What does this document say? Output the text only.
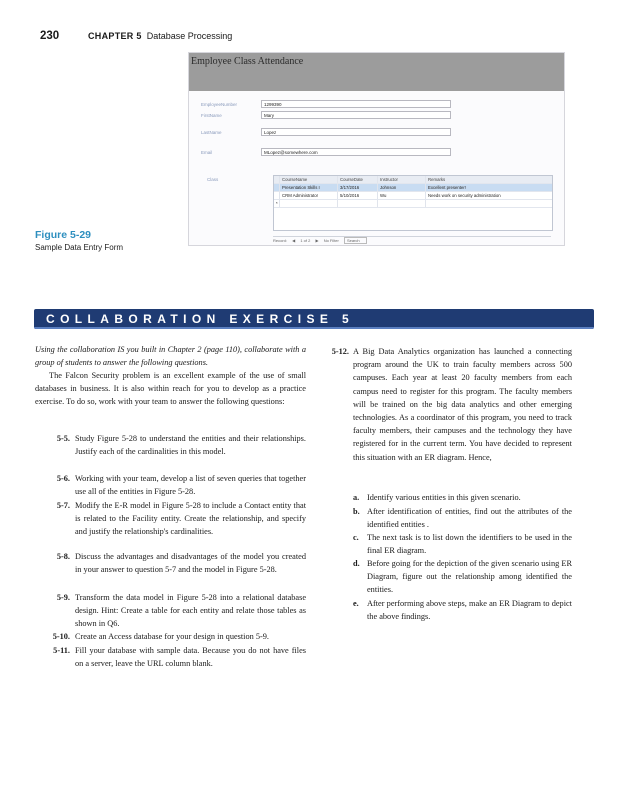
230	CHAPTER 5 Database Processing
Employee Class Attendance
EmployeeNumber	1299390
FirstName	Mary
LastName	Lopez
Email	MLopez@somewhere.com
Class	CourseName	CourseDate	Instructor	Remarks
Presentation Skills I	3/17/2016	Johnson	Excellent presenter!
CRM Administrator	5/10/2016	Wu	Needs work on security administration
*
Record: ◀ 1 of 2 ▶ No Filter Search
Figure 5-29
Sample Data Entry Form
COLLABORATION EXERCISE 5
Using the collaboration IS you built in Chapter 2 (page 110), collaborate with a group of students to answer the following questions.
The Falcon Security problem is an excellent example of the use of small databases in business. It is also within reach for you to develop as a practice exercise. To do so, work with your team to answer the following questions:
5-5. Study Figure 5-28 to understand the entities and their relationships. Justify each of the cardinalities in this model.
5-6. Working with your team, develop a list of seven queries that together use all of the entities in Figure 5-28.
5-7. Modify the E-R model in Figure 5-28 to include a Contact entity that is related to the Facility entity. Create the relationship, and specify and justify the relationship's cardinalities.
5-8. Discuss the advantages and disadvantages of the model you created in your answer to question 5-7 and the model in Figure 5-28.
5-9. Transform the data model in Figure 5-28 into a relational database design. Hint: Create a table for each entity and relate those tables as shown in Q6.
5-10. Create an Access database for your design in question 5-9.
5-11. Fill your database with sample data. Because you do not have files on a server, leave the URL column blank.
5-12. A Big Data Analytics organization has launched a connecting program around the UK to train faculty members across 500 campuses. Each year at least 20 faculty members from each campus need to register for this program. The faculty members will be trained on the big data analytics and other emerging technologies. As a coordinator of this program, you need to track faculty members, their campuses and the technology they have registered for in the current term. You have decided to represent this situation with an ER diagram. Hence,
a. Identify various entities in this given scenario.
b. After identification of entities, find out the attributes of the identified entities .
c. The next task is to list down the identifiers to be used in the final ER diagram.
d. Before going for the depiction of the given scenario using ER Diagram, figure out the relationship among identified the entities.
e. After performing above steps, make an ER Diagram to depict the above findings.
